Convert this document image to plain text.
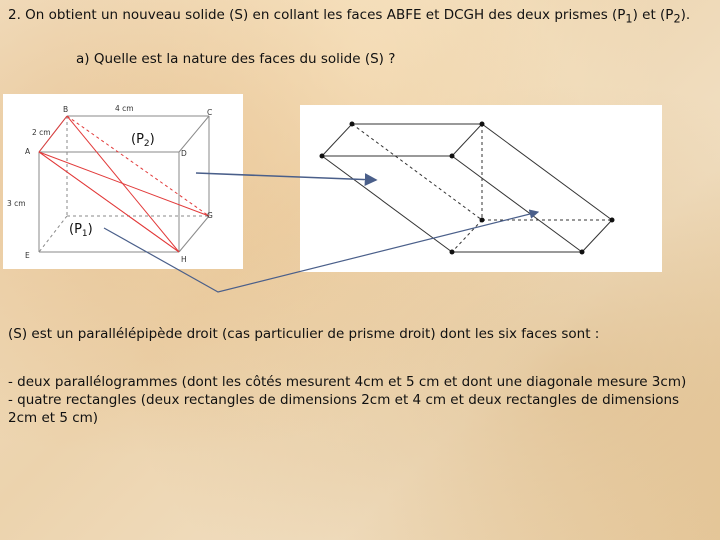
2. On obtient un nouveau solide (S) en collant les faces ABFE et DCGH des deux prismes $(P_1)$ et $(P_2)$.

a) Quelle est la nature des faces du solide (S) ?

B	C
A	D
E
G
H
4 cm
2 cm
3 cm
$(P_2)$
$(P_1)$

(S) est un parallélépipède droit (cas particulier de prisme droit) dont les six faces sont :

- deux parallélogrammes (dont les côtés mesurent 4cm et 5 cm et dont une diagonale mesure 3cm)

- quatre rectangles (deux rectangles de dimensions 2cm et 4 cm et deux rectangles de dimensions 2cm et 5 cm)
